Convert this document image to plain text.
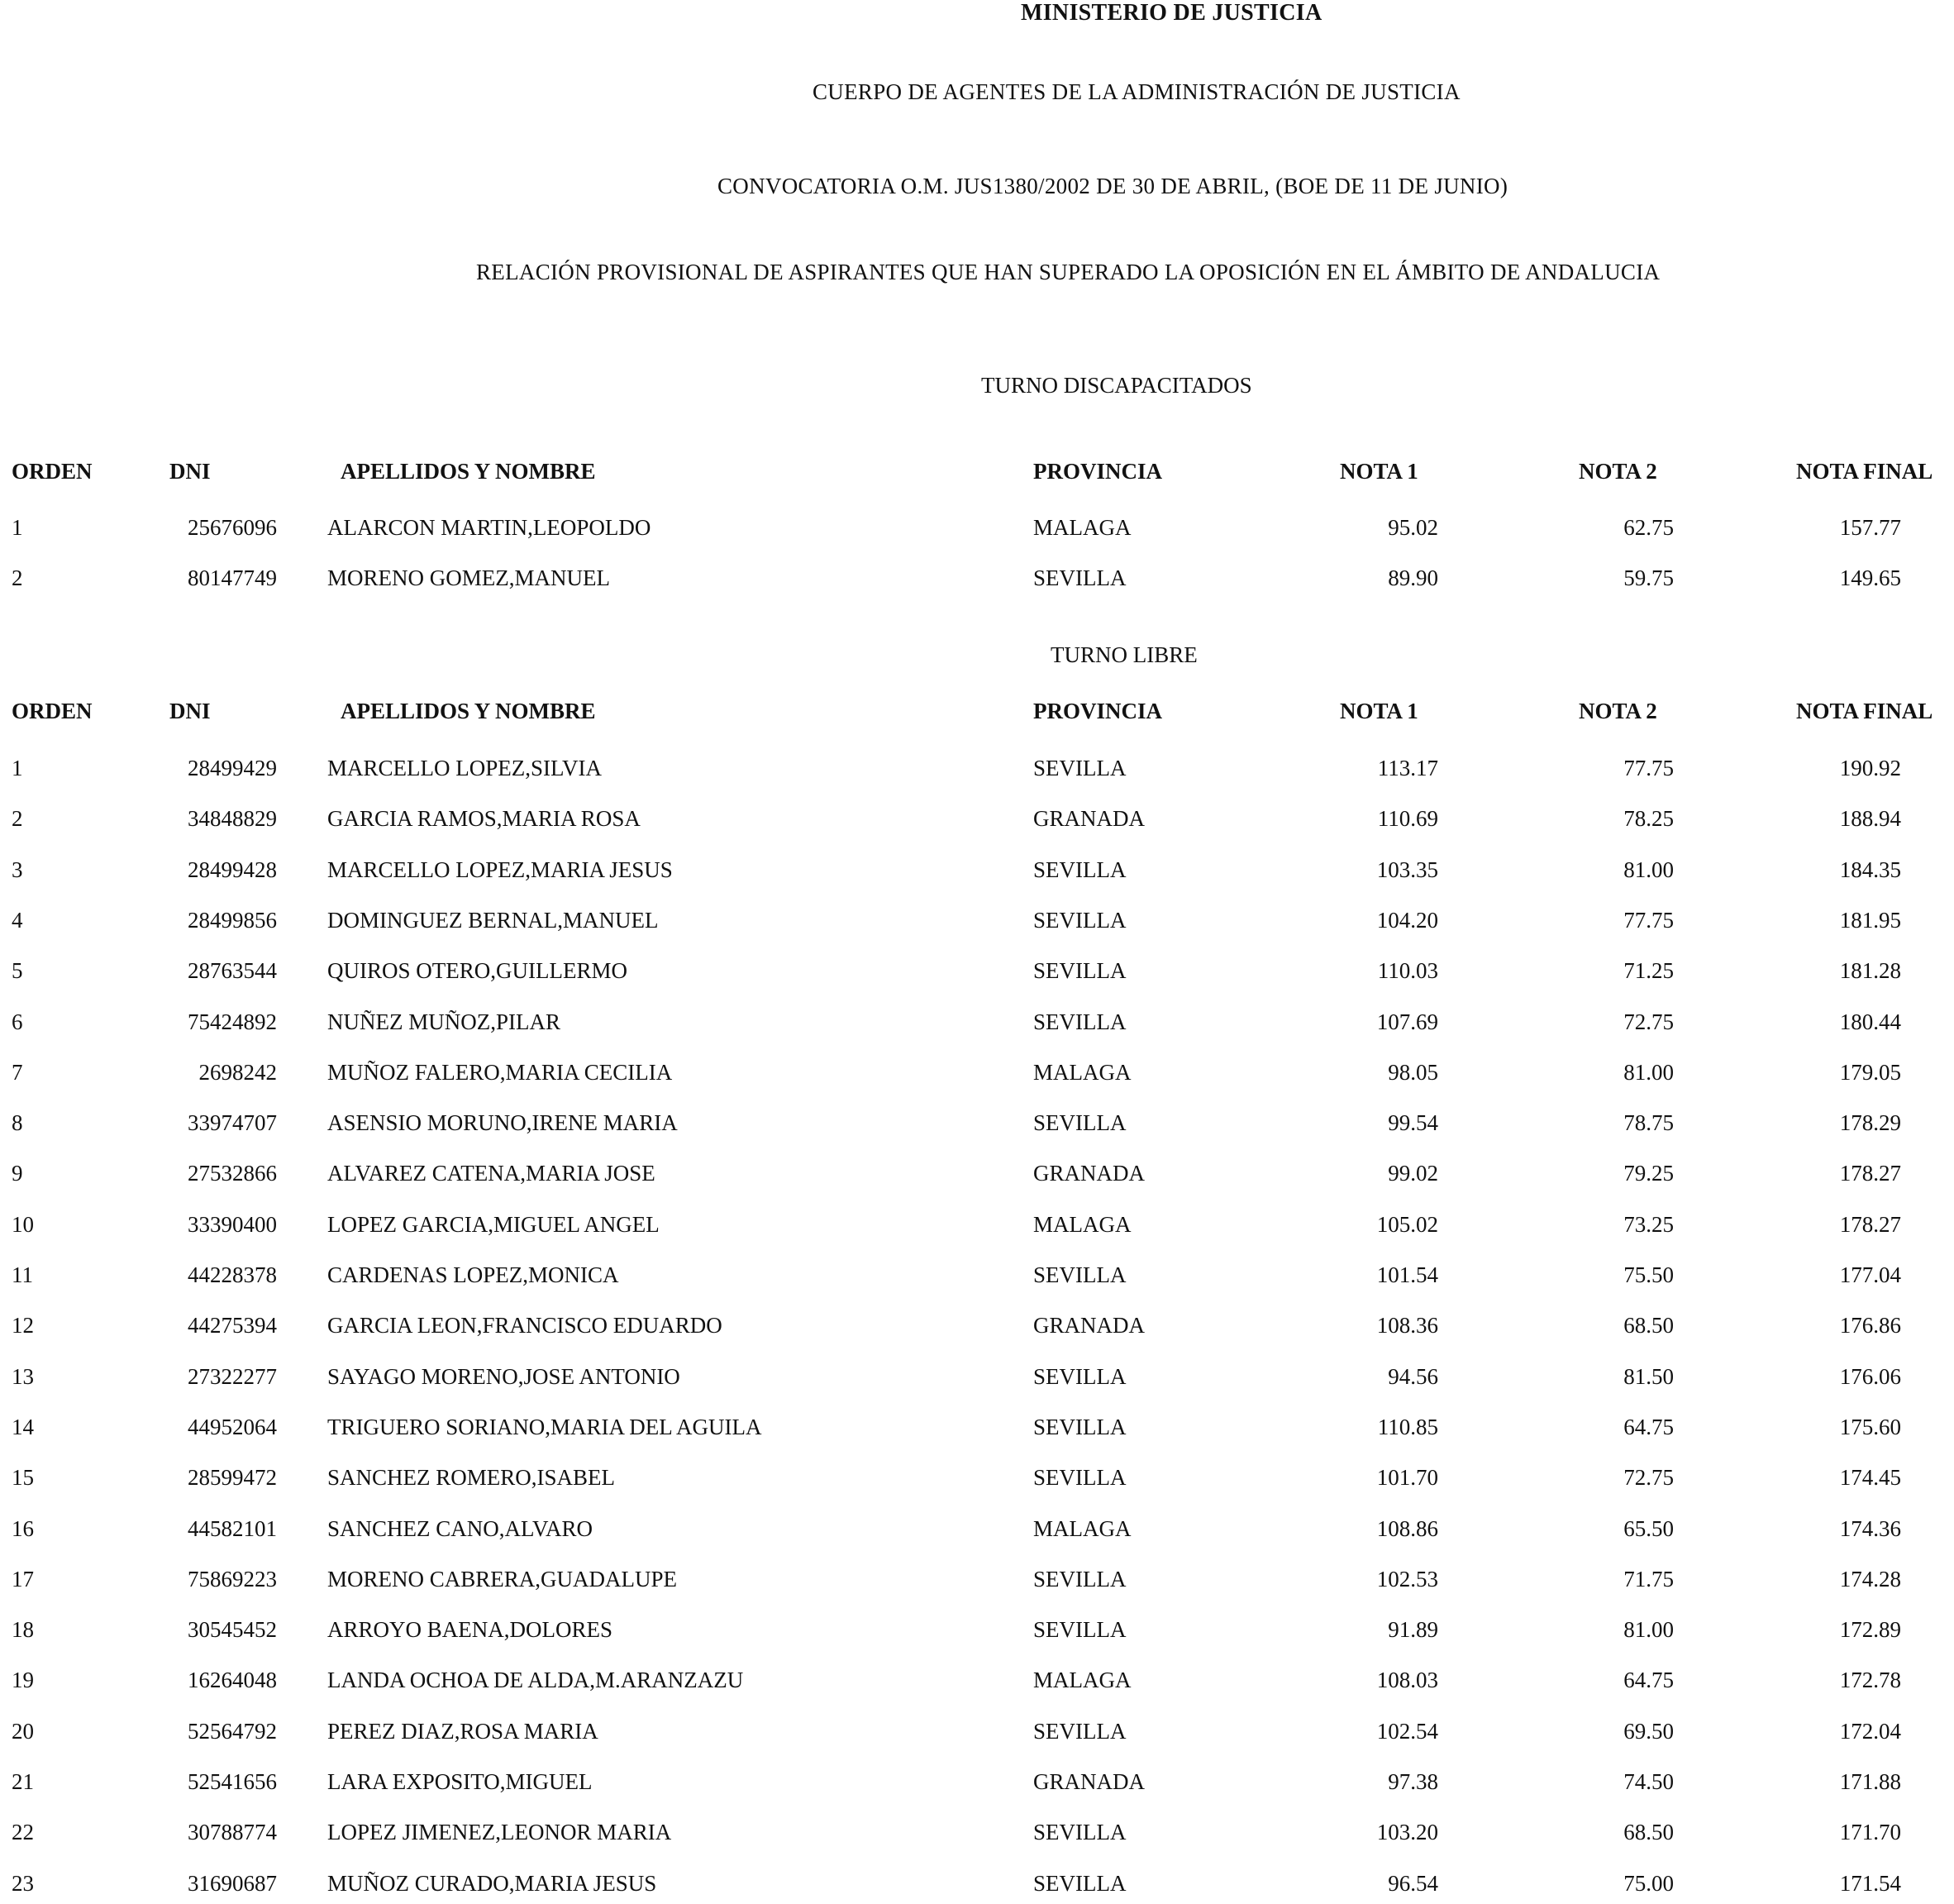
MINISTERIO DE JUSTICIA
CUERPO DE AGENTES DE LA ADMINISTRACIÓN DE JUSTICIA
CONVOCATORIA O.M. JUS1380/2002 DE 30 DE ABRIL, (BOE DE 11 DE JUNIO)
RELACIÓN PROVISIONAL DE ASPIRANTES QUE HAN SUPERADO LA OPOSICIÓN EN EL ÁMBITO DE ANDALUCIA
TURNO DISCAPACITADOS
ORDEN	DNI	APELLIDOS Y NOMBRE	PROVINCIA	NOTA 1	NOTA 2	NOTA FINAL
1	25676096 ALARCON MARTIN,LEOPOLDO	MALAGA	95.02	62.75	157.77
2	80147749 MORENO GOMEZ,MANUEL	SEVILLA	89.90	59.75	149.65
TURNO LIBRE
ORDEN	DNI	APELLIDOS Y NOMBRE	PROVINCIA	NOTA 1	NOTA 2	NOTA FINAL
1	28499429 MARCELLO LOPEZ,SILVIA	SEVILLA	113.17	77.75	190.92
2	34848829 GARCIA RAMOS,MARIA ROSA	GRANADA	110.69	78.25	188.94
3	28499428 MARCELLO LOPEZ,MARIA JESUS	SEVILLA	103.35	81.00	184.35
4	28499856 DOMINGUEZ BERNAL,MANUEL	SEVILLA	104.20	77.75	181.95
5	28763544 QUIROS OTERO,GUILLERMO	SEVILLA	110.03	71.25	181.28
6	75424892 NUÑEZ MUÑOZ,PILAR	SEVILLA	107.69	72.75	180.44
7	2698242 MUÑOZ FALERO,MARIA CECILIA	MALAGA	98.05	81.00	179.05
8	33974707 ASENSIO MORUNO,IRENE MARIA	SEVILLA	99.54	78.75	178.29
9	27532866 ALVAREZ CATENA,MARIA JOSE	GRANADA	99.02	79.25	178.27
10	33390400 LOPEZ GARCIA,MIGUEL ANGEL	MALAGA	105.02	73.25	178.27
11	44228378 CARDENAS LOPEZ,MONICA	SEVILLA	101.54	75.50	177.04
12	44275394 GARCIA LEON,FRANCISCO EDUARDO	GRANADA	108.36	68.50	176.86
13	27322277 SAYAGO MORENO,JOSE ANTONIO	SEVILLA	94.56	81.50	176.06
14	44952064 TRIGUERO SORIANO,MARIA DEL AGUILA	SEVILLA	110.85	64.75	175.60
15	28599472 SANCHEZ ROMERO,ISABEL	SEVILLA	101.70	72.75	174.45
16	44582101 SANCHEZ CANO,ALVARO	MALAGA	108.86	65.50	174.36
17	75869223 MORENO CABRERA,GUADALUPE	SEVILLA	102.53	71.75	174.28
18	30545452 ARROYO BAENA,DOLORES	SEVILLA	91.89	81.00	172.89
19	16264048 LANDA OCHOA DE ALDA,M.ARANZAZU	MALAGA	108.03	64.75	172.78
20	52564792 PEREZ DIAZ,ROSA MARIA	SEVILLA	102.54	69.50	172.04
21	52541656 LARA EXPOSITO,MIGUEL	GRANADA	97.38	74.50	171.88
22	30788774 LOPEZ JIMENEZ,LEONOR MARIA	SEVILLA	103.20	68.50	171.70
23	31690687 MUÑOZ CURADO,MARIA JESUS	SEVILLA	96.54	75.00	171.54
